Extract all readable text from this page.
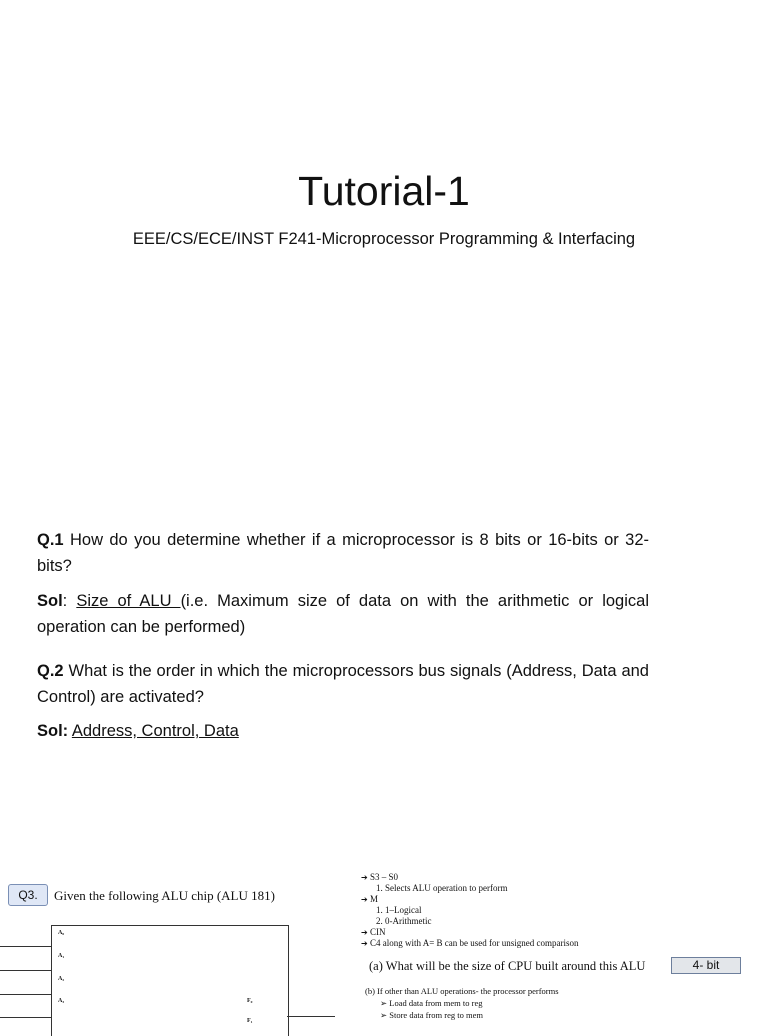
Tutorial-1
EEE/CS/ECE/INST F241-Microprocessor Programming & Interfacing
Q.1 How do you determine whether if a microprocessor is 8 bits or 16-bits or 32-bits?
Sol: Size of ALU (i.e. Maximum size of data on with the arithmetic or logical operation can be performed)
Q.2 What is the order in which the microprocessors bus signals (Address, Data and Control) are activated?
Sol: Address, Control, Data
Q3.	Given the following ALU chip (ALU 181)
A₀
A₁
A₂
A₃	F₀
F₁
➔ S3 – S0
1. Selects ALU operation to perform
➔ M
1. 1–Logical
2. 0-Arithmetic
➔ CIN
➔ C4 along with A= B can be used for unsigned comparison
(a) What will be the size of CPU built around this ALU	4- bit
(b) If other than ALU operations- the processor performs
➢ Load data from mem to reg
➢ Store data from reg to mem
